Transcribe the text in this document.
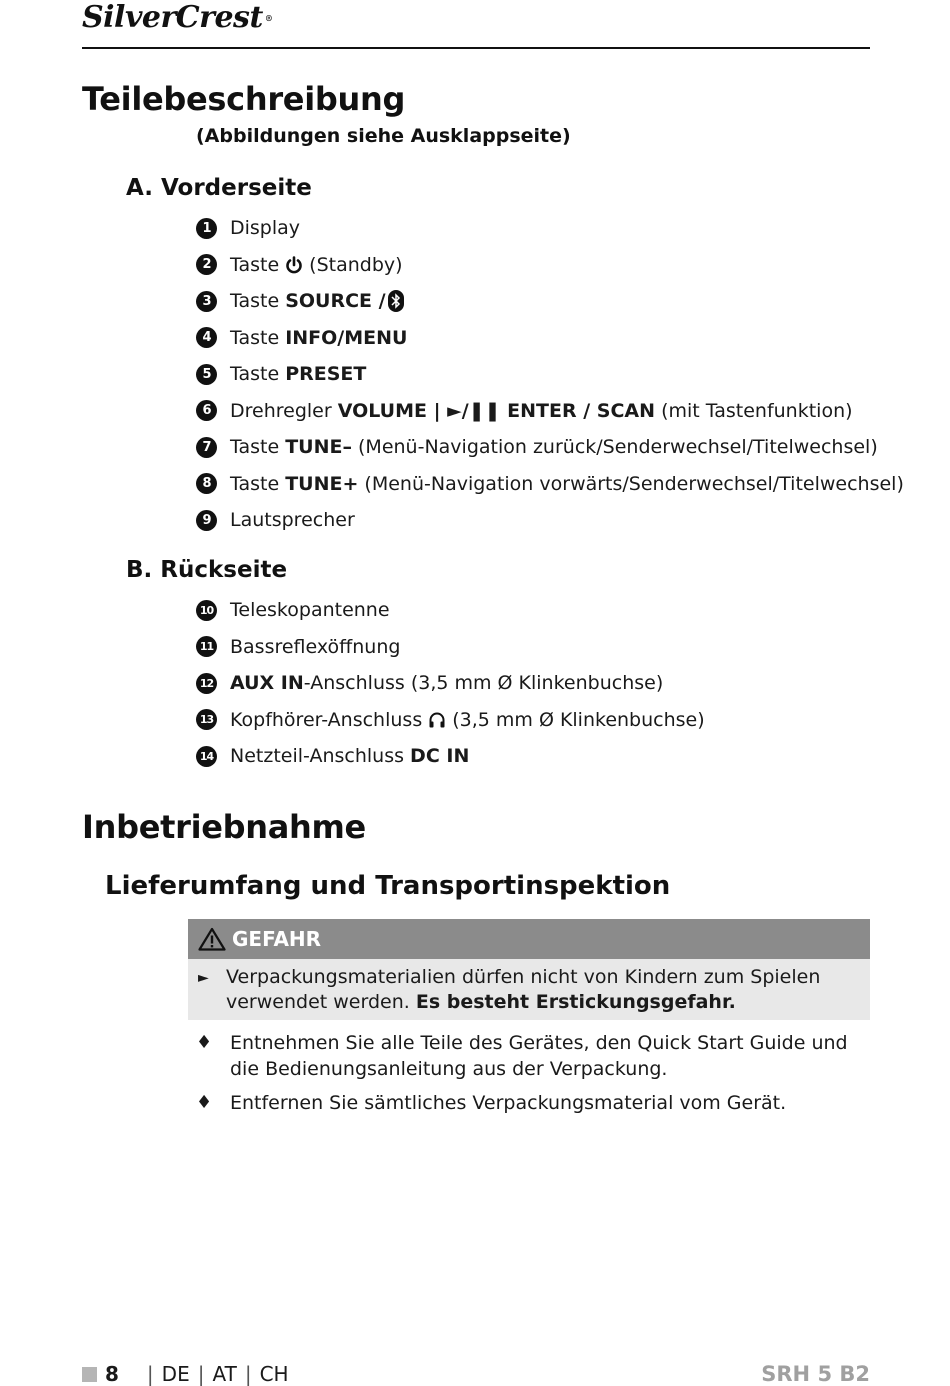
SilverCrest ®
Teilebeschreibung
(Abbildungen siehe Ausklappseite)
A. Vorderseite
1	Display
2	Taste (Standby)
3	Taste SOURCE /
4	Taste INFO/MENU
5	Taste PRESET
6	Drehregler VOLUME | ►/❚❚ ENTER / SCAN (mit Tastenfunktion)
7	Taste TUNE– (Menü-Navigation zurück/Senderwechsel/Titelwechsel)
8	Taste TUNE+ (Menü-Navigation vorwärts/Senderwechsel/Titelwechsel)
9	Lautsprecher
B. Rückseite
10 Teleskopantenne
11 Bassreflexöffnung
12 AUX IN -Anschluss (3,5 mm Ø Klinkenbuchse)
13 Kopfhörer-Anschluss (3,5 mm Ø Klinkenbuchse)
14 Netzteil-Anschluss DC IN
Inbetriebnahme
Lieferumfang und Transportinspektion
GEFAHR
► Verpackungsmaterialien dürfen nicht von Kindern zum Spielen verwendet werden. Es besteht Erstickungsgefahr.
♦ Entnehmen Sie alle Teile des Gerätes, den Quick Start Guide und die Bedienungsanleitung aus der Verpackung.
♦ Entfernen Sie sämtliches Verpackungsmaterial vom Gerät.
8 | DE | AT | CH	SRH 5 B2
